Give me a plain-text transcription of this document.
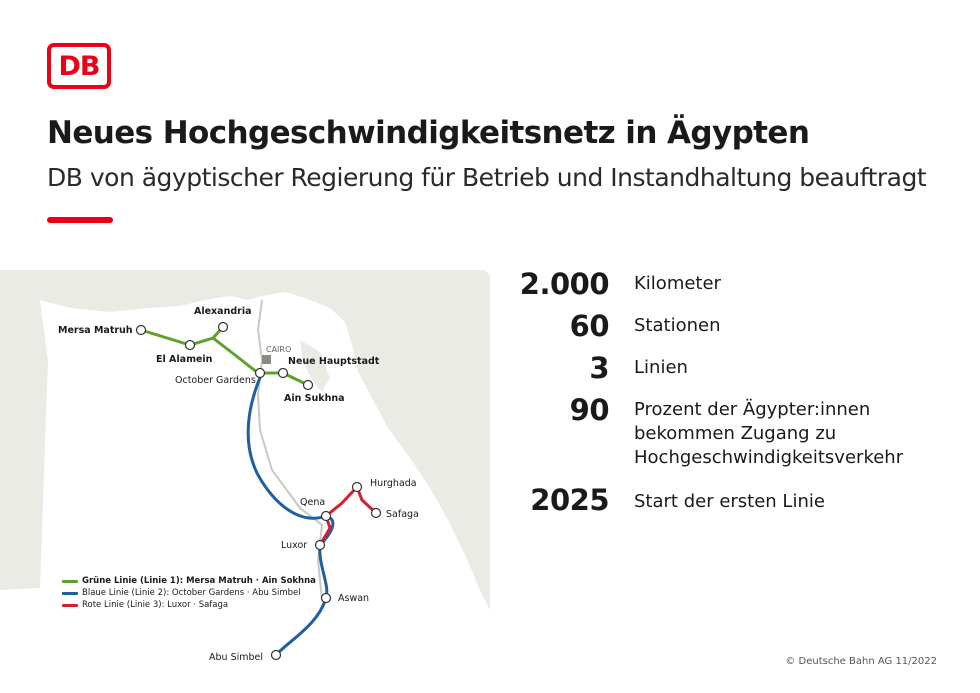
DB
Neues Hochgeschwindigkeitsnetz in Ägypten
DB von ägyptischer Regierung für Betrieb und Instandhaltung beauftragt
CAIRO
Mersa Matruh
Alexandria
El Alamein
October Gardens
Neue Hauptstadt
Ain Sukhna
Hurghada
Safaga
Qena
Luxor
Aswan
Abu Simbel
Grüne Linie (Linie 1): Mersa Matruh · Ain Sokhna
Blaue Linie (Linie 2): October Gardens · Abu Simbel
Rote Linie (Linie 3): Luxor · Safaga
2.000 Kilometer
60 Stationen
3 Linien
90 Prozent der Ägypter:innen bekommen Zugang zu Hochgeschwindigkeitsverkehr
2025 Start der ersten Linie
© Deutsche Bahn AG 11/2022
